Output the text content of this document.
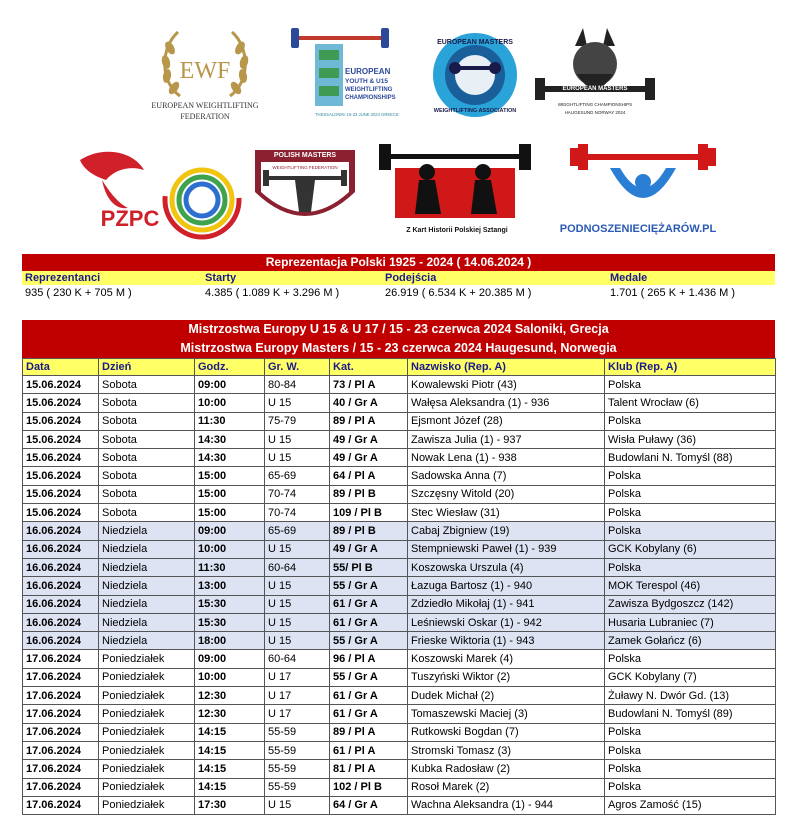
EWF
EUROPEAN WEIGHTLIFTING
FEDERATION
EUROPEAN
YOUTH & U15
WEIGHTLIFTING
CHAMPIONSHIPS
THESSALONIKI 15-23 JUNE 2024 GREECE
EUROPEAN MASTERS
WEIGHTLIFTING ASSOCIATION
EUROPEAN MASTERS
WEIGHTLIFTING CHAMPIONSHIPS
HAUGESUND NORWAY 2024
PZPC
POLISH MASTERS
WEIGHTLIFTING FEDERATION
Z Kart Historii Polskiej Sztangi	PODNOSZENIECIĘŻARÓW.PL
Reprezentacja Polski 1925 - 2024 ( 14.06.2024 )
Reprezentanci	Starty	Podejścia	Medale
935 ( 230 K + 705 M )	4.385 ( 1.089 K + 3.296 M )	26.919 ( 6.534 K + 20.385 M )	1.701 ( 265 K + 1.436 M )
Mistrzostwa Europy U 15 & U 17 / 15 - 23 czerwca 2024 Saloniki, Grecja
Mistrzostwa Europy Masters / 15 - 23 czerwca 2024 Haugesund, Norwegia
Data	Dzień	Godz.	Gr. W.	Kat.	Nazwisko (Rep. A)	Klub (Rep. A)
15.06.2024	Sobota	09:00	80-84	73 / Pl A	Kowalewski Piotr (43)	Polska
15.06.2024	Sobota	10:00	U 15	40 / Gr A	Wałęsa Aleksandra (1) - 936	Talent Wrocław (6)
15.06.2024	Sobota	11:30	75-79	89 / Pl A	Ejsmont Józef (28)	Polska
15.06.2024	Sobota	14:30	U 15	49 / Gr A	Zawisza Julia (1) - 937	Wisła Puławy (36)
15.06.2024	Sobota	14:30	U 15	49 / Gr A	Nowak Lena (1) - 938	Budowlani N. Tomyśl (88)
15.06.2024	Sobota	15:00	65-69	64 / Pl A	Sadowska Anna (7)	Polska
15.06.2024	Sobota	15:00	70-74	89 / Pl B	Szczęsny Witold (20)	Polska
15.06.2024	Sobota	15:00	70-74	109 / Pl B	Stec Wiesław (31)	Polska
16.06.2024	Niedziela	09:00	65-69	89 / Pl B	Cabaj Zbigniew (19)	Polska
16.06.2024	Niedziela	10:00	U 15	49 / Gr A	Stempniewski Paweł (1) - 939	GCK Kobylany (6)
16.06.2024	Niedziela	11:30	60-64	55/ Pl B	Koszowska Urszula (4)	Polska
16.06.2024	Niedziela	13:00	U 15	55 / Gr A	Łazuga Bartosz (1) - 940	MOK Terespol (46)
16.06.2024	Niedziela	15:30	U 15	61 / Gr A	Zdziedło Mikołaj (1) - 941	Zawisza Bydgoszcz (142)
16.06.2024	Niedziela	15:30	U 15	61 / Gr A	Leśniewski Oskar (1) - 942	Husaria Lubraniec (7)
16.06.2024	Niedziela	18:00	U 15	55 / Gr A	Frieske Wiktoria (1) - 943	Zamek Gołańcz (6)
17.06.2024	Poniedziałek	09:00	60-64	96 / Pl A	Koszowski Marek (4)	Polska
17.06.2024	Poniedziałek	10:00	U 17	55 / Gr A	Tuszyński Wiktor (2)	GCK Kobylany (7)
17.06.2024	Poniedziałek	12:30	U 17	61 / Gr A	Dudek Michał (2)	Żuławy N. Dwór Gd. (13)
17.06.2024	Poniedziałek	12:30	U 17	61 / Gr A	Tomaszewski Maciej (3)	Budowlani N. Tomyśl (89)
17.06.2024	Poniedziałek	14:15	55-59	89 / Pl A	Rutkowski Bogdan (7)	Polska
17.06.2024	Poniedziałek	14:15	55-59	61 / Pl A	Stromski Tomasz (3)	Polska
17.06.2024	Poniedziałek	14:15	55-59	81 / Pl A	Kubka Radosław (2)	Polska
17.06.2024	Poniedziałek	14:15	55-59	102 / Pl B	Rosoł Marek (2)	Polska
17.06.2024	Poniedziałek	17:30	U 15	64 / Gr A	Wachna Aleksandra (1) - 944	Agros Zamość (15)
